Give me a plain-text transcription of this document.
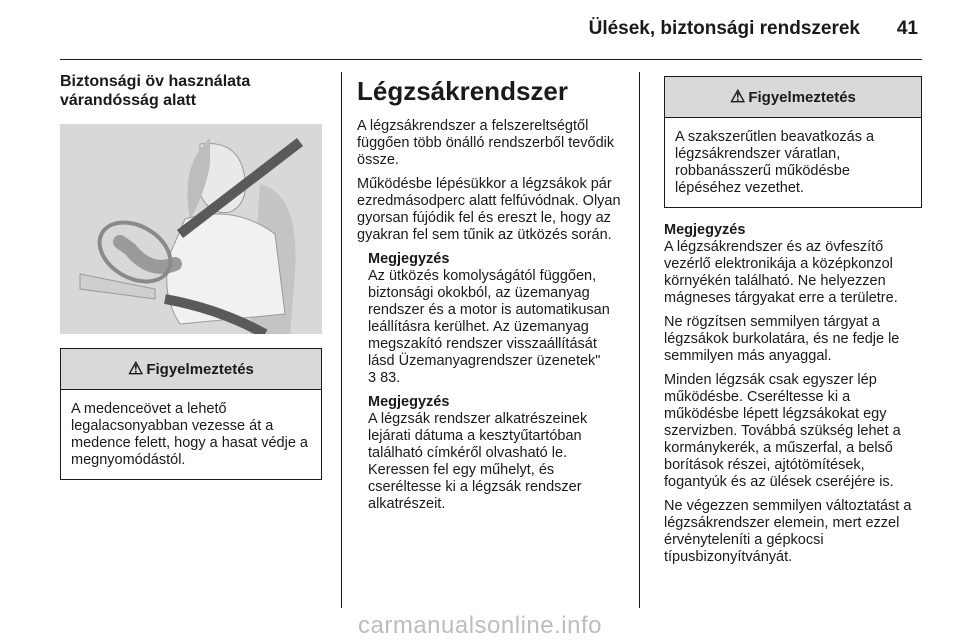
Ülések, biztonsági rendszerek 41
Biztonsági öv használata várandósság alatt
⚠ Figyelmeztetés
A medenceövet a lehető legalacsonyabban vezesse át a medence felett, hogy a hasat védje a megnyomódástól.
Légzsákrendszer

A légzsákrendszer a felszereltségtől függően több önálló rendszerből tevődik össze.

Működésbe lépésükkor a légzsákok pár ezredmásodperc alatt felfúvódnak. Olyan gyorsan fújódik fel és ereszt le, hogy az gyakran fel sem tűnik az ütközés során.

Megjegyzés

Az ütközés komolyságától függően, biztonsági okokból, az üzemanyag rendszer és a motor is automatikusan leállításra kerülhet. Az üzemanyag megszakító rendszer visszaállítását lásd Üzemanyagrendszer üzenetek"

3 83.

Megjegyzés

A légzsák rendszer alkatrészeinek lejárati dátuma a kesztyűtartóban található címkéről olvasható le. Keressen fel egy műhelyt, és cseréltesse ki a légzsák rendszer alkatrészeit.

⚠ Figyelmeztetés
A szakszerűtlen beavatkozás a légzsákrendszer váratlan, robbanásszerű működésbe lépéséhez vezethet.

Megjegyzés

A légzsákrendszer és az övfeszítő vezérlő elektronikája a középkonzol környékén található. Ne helyezzen mágneses tárgyakat erre a területre.

Ne rögzítsen semmilyen tárgyat a légzsákok burkolatára, és ne fedje le semmilyen más anyaggal.

Minden légzsák csak egyszer lép működésbe. Cseréltesse ki a működésbe lépett légzsákokat egy szervizben. Továbbá szükség lehet a kormánykerék, a műszerfal, a belső borítások részei, ajtótömítések, fogantyúk és az ülések cseréjére is.

Ne végezzen semmilyen változtatást a légzsákrendszer elemein, mert ezzel érvényteleníti a gépkocsi típusbizonyítványát.

carmanualsonline.info
